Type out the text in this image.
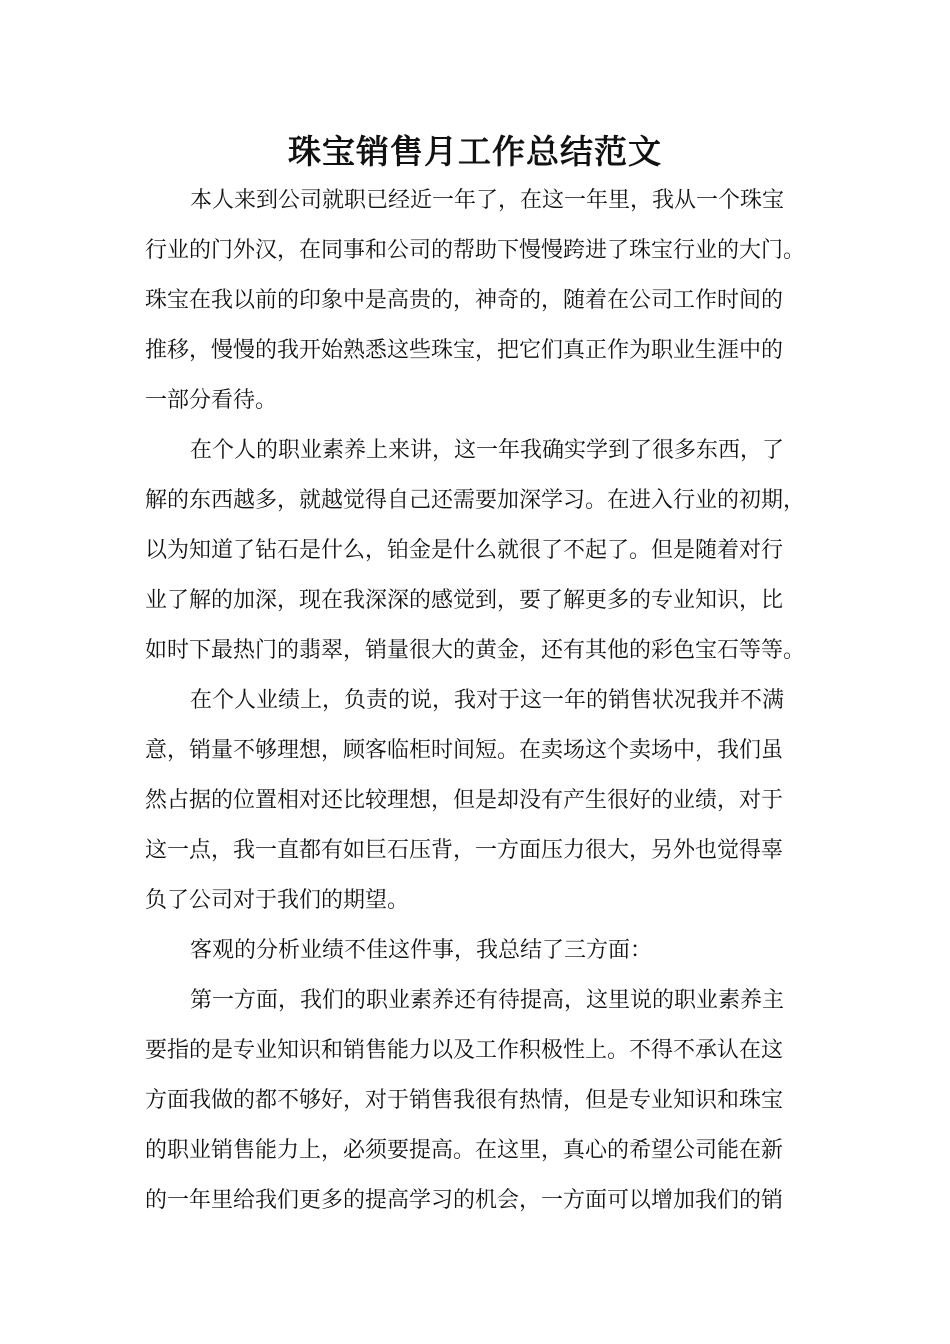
珠宝销售月工作总结范文

本人来到公司就职已经近一年了，在这一年里，我从一个珠宝

行业的门外汉，在同事和公司的帮助下慢慢跨进了珠宝行业的大门。

珠宝在我以前的印象中是高贵的，神奇的，随着在公司工作时间的

推移，慢慢的我开始熟悉这些珠宝，把它们真正作为职业生涯中的

一部分看待。

在个人的职业素养上来讲，这一年我确实学到了很多东西，了

解的东西越多，就越觉得自己还需要加深学习。在进入行业的初期，

以为知道了钻石是什么，铂金是什么就很了不起了。但是随着对行

业了解的加深，现在我深深的感觉到，要了解更多的专业知识，比

如时下最热门的翡翠，销量很大的黄金，还有其他的彩色宝石等等。

在个人业绩上，负责的说，我对于这一年的销售状况我并不满

意，销量不够理想，顾客临柜时间短。在卖场这个卖场中，我们虽

然占据的位置相对还比较理想，但是却没有产生很好的业绩，对于

这一点，我一直都有如巨石压背，一方面压力很大，另外也觉得辜

负了公司对于我们的期望。

客观的分析业绩不佳这件事，我总结了三方面：

第一方面，我们的职业素养还有待提高，这里说的职业素养主

要指的是专业知识和销售能力以及工作积极性上。不得不承认在这

方面我做的都不够好，对于销售我很有热情，但是专业知识和珠宝

的职业销售能力上，必须要提高。在这里，真心的希望公司能在新

的一年里给我们更多的提高学习的机会，一方面可以增加我们的销
